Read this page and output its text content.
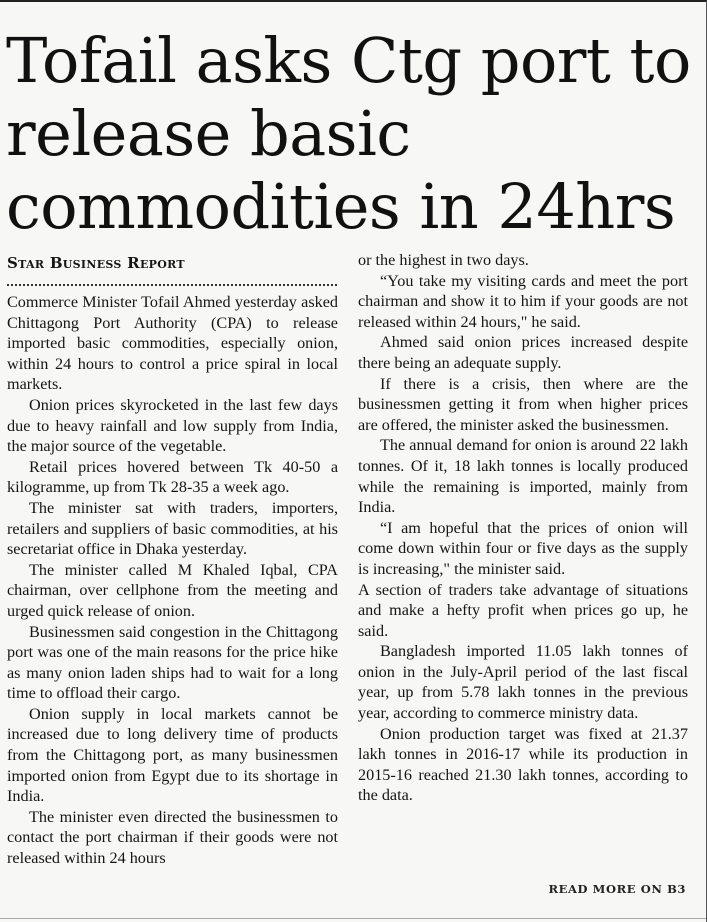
Tofail asks Ctg port to release basic commodities in 24hrs
Star Business Report

Commerce Minister Tofail Ahmed yesterday asked Chittagong Port Authority (CPA) to release imported basic commodities, especially onion, within 24 hours to control a price spiral in local markets.

Onion prices skyrocketed in the last few days due to heavy rainfall and low supply from India, the major source of the vegetable.

Retail prices hovered between Tk 40-50 a kilogramme, up from Tk 28-35 a week ago.

The minister sat with traders, importers, retailers and suppliers of basic commodities, at his secretariat office in Dhaka yesterday.

The minister called M Khaled Iqbal, CPA chairman, over cellphone from the meeting and urged quick release of onion.

Businessmen said congestion in the Chittagong port was one of the main reasons for the price hike as many onion laden ships had to wait for a long time to offload their cargo.

Onion supply in local markets cannot be increased due to long delivery time of products from the Chittagong port, as many businessmen imported onion from Egypt due to its shortage in India.

The minister even directed the businessmen to contact the port chairman if their goods were not released within 24 hours

or the highest in two days.

“You take my visiting cards and meet the port chairman and show it to him if your goods are not released within 24 hours," he said.

Ahmed said onion prices increased despite there being an adequate supply.

If there is a crisis, then where are the businessmen getting it from when higher prices are offered, the minister asked the businessmen.

The annual demand for onion is around 22 lakh tonnes. Of it, 18 lakh tonnes is locally produced while the remaining is imported, mainly from India.

“I am hopeful that the prices of onion will come down within four or five days as the supply is increasing," the minister said.

A section of traders take advantage of situations and make a hefty profit when prices go up, he said.

Bangladesh imported 11.05 lakh tonnes of onion in the July-April period of the last fiscal year, up from 5.78 lakh tonnes in the previous year, according to commerce ministry data.

Onion production target was fixed at 21.37 lakh tonnes in 2016-17 while its production in 2015-16 reached 21.30 lakh tonnes, according to the data.

READ MORE ON B3
